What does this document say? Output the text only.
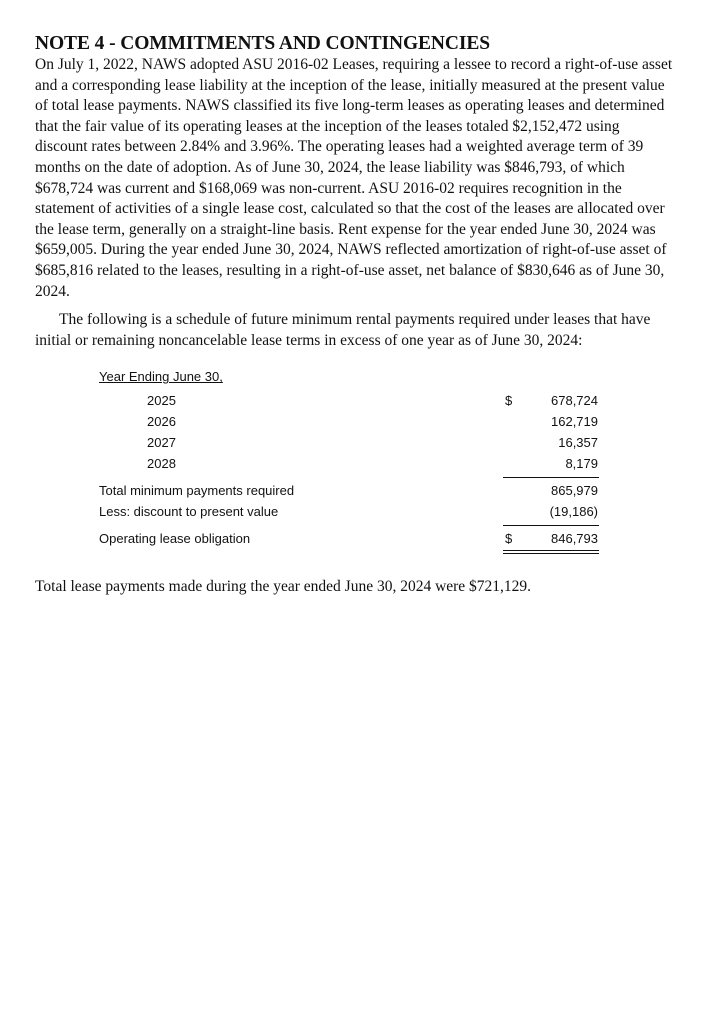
NOTE 4 - COMMITMENTS AND CONTINGENCIES

On July 1, 2022, NAWS adopted ASU 2016-02 Leases, requiring a lessee to record a right-of-use asset and a corresponding lease liability at the inception of the lease, initially measured at the present value of total lease payments. NAWS classified its five long-term leases as operating leases and determined that the fair value of its operating leases at the inception of the leases totaled $2,152,472 using discount rates between 2.84% and 3.96%. The operating leases had a weighted average term of 39 months on the date of adoption. As of June 30, 2024, the lease liability was $846,793, of which $678,724 was current and $168,069 was non-current. ASU 2016-02 requires recognition in the statement of activities of a single lease cost, calculated so that the cost of the leases are allocated over the lease term, generally on a straight-line basis. Rent expense for the year ended June 30, 2024 was $659,005. During the year ended June 30, 2024, NAWS reflected amortization of right-of-use asset of $685,816 related to the leases, resulting in a right-of-use asset, net balance of $830,646 as of June 30, 2024.

The following is a schedule of future minimum rental payments required under leases that have initial or remaining noncancelable lease terms in excess of one year as of June 30, 2024:

Year Ending June 30,
2025	$	678,724
2026	162,719
2027	16,357
2028	8,179
Total minimum payments required	865,979
Less: discount to present value	(19,186)
Operating lease obligation	$	846,793

Total lease payments made during the year ended June 30, 2024 were $721,129.
